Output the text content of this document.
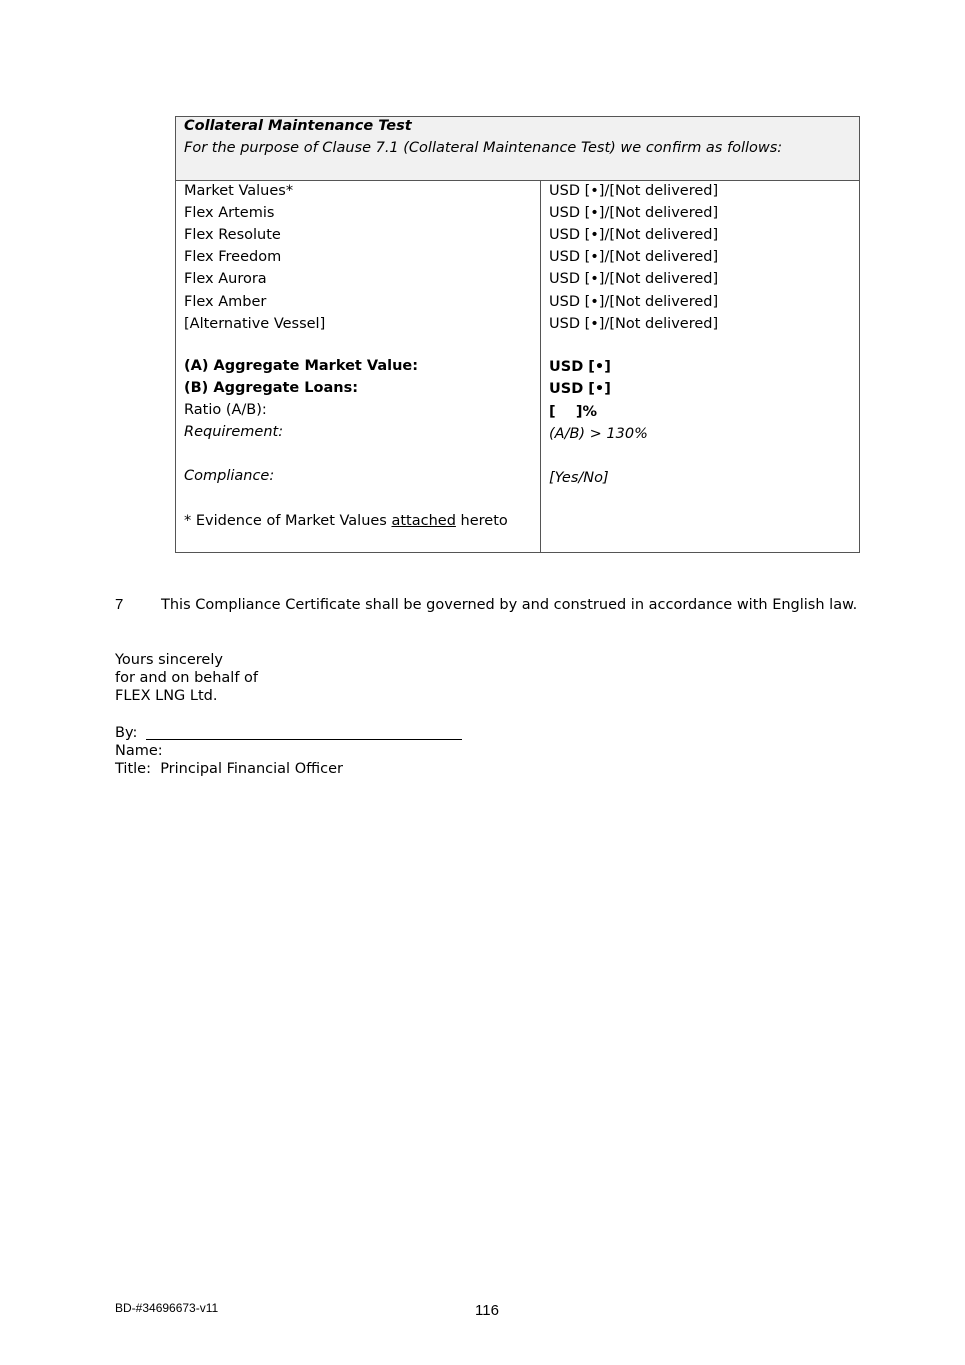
Collateral Maintenance Test
For the purpose of Clause 7.1 (Collateral Maintenance Test) we confirm as follows:
Market Values*	USD [•]/[Not delivered]
Flex Artemis	USD [•]/[Not delivered]
Flex Resolute	USD [•]/[Not delivered]
Flex Freedom	USD [•]/[Not delivered]
Flex Aurora	USD [•]/[Not delivered]
Flex Amber	USD [•]/[Not delivered]
[Alternative Vessel]	USD [•]/[Not delivered]
(A) Aggregate Market Value:	USD [•]
(B) Aggregate Loans:	USD [•]
Ratio (A/B):	[    ]%
Requirement:	(A/B) > 130%
Compliance:	[Yes/No]
* Evidence of Market Values attached hereto
7	This Compliance Certificate shall be governed by and construed in accordance with English law.
Yours sincerely
for and on behalf of
FLEX LNG Ltd.
By:
Name:
Title: Principal Financial Officer
BD-#34696673-v11	116
